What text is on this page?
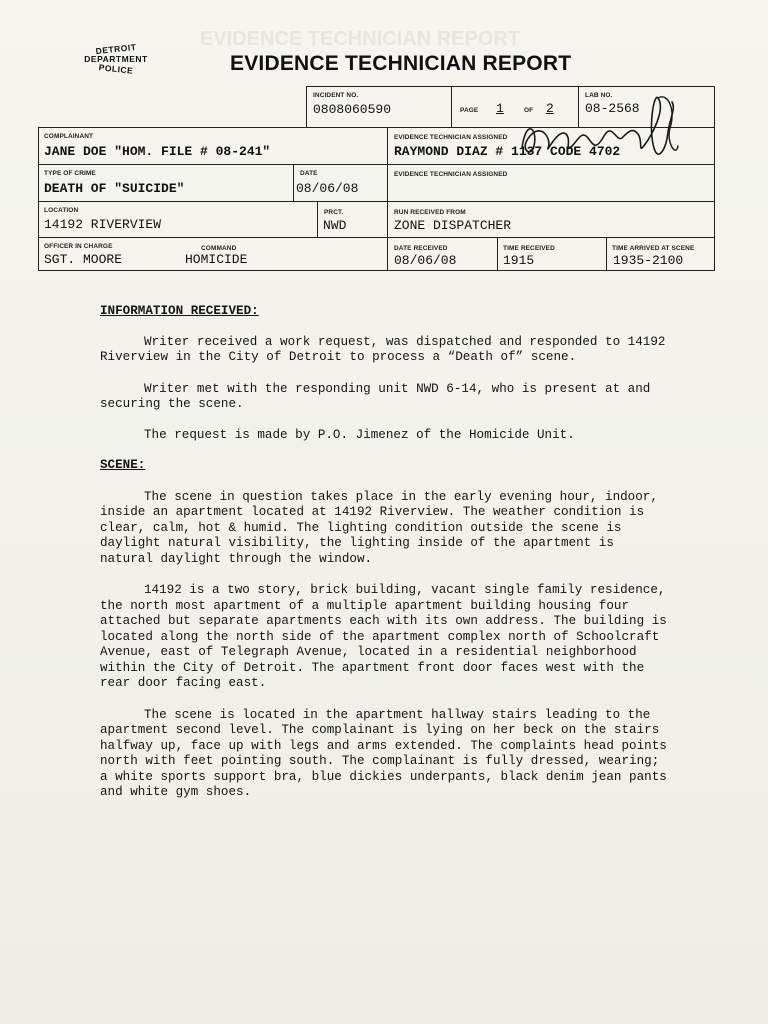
EVIDENCE TECHNICIAN REPORT
DETROIT
DEPARTMENT
POLICE	EVIDENCE TECHNICIAN REPORT
INCIDENT NO.
0808060590	PAGE 1	OF 2
LAB NO.
08-2568
COMPLAINANT
JANE DOE "HOM. FILE # 08-241"
EVIDENCE TECHNICIAN ASSIGNED
RAYMOND DIAZ # 1137 CODE 4702
TYPE OF CRIME
DEATH OF "SUICIDE"
DATE
08/06/08
EVIDENCE TECHNICIAN ASSIGNED
LOCATION
14192 RIVERVIEW
PRCT.
NWD
RUN RECEIVED FROM
ZONE DISPATCHER
OFFICER IN CHARGE
SGT. MOORE
COMMAND
HOMICIDE
DATE RECEIVED
08/06/08
TIME RECEIVED
1915
TIME ARRIVED AT SCENE
1935-2100

INFORMATION RECEIVED:

Writer received a work request, was dispatched and responded to 14192 Riverview in the City of Detroit to process a “Death of” scene.

Writer met with the responding unit NWD 6-14, who is present at and securing the scene.

The request is made by P.O. Jimenez of the Homicide Unit.

SCENE:

The scene in question takes place in the early evening hour, indoor, inside an apartment located at 14192 Riverview. The weather condition is clear, calm, hot & humid. The lighting condition outside the scene is daylight natural visibility, the lighting inside of the apartment is natural daylight through the window.

14192 is a two story, brick building, vacant single family residence, the north most apartment of a multiple apartment building housing four attached but separate apartments each with its own address. The building is located along the north side of the apartment complex north of Schoolcraft Avenue, east of Telegraph Avenue, located in a residential neighborhood within the City of Detroit. The apartment front door faces west with the rear door facing east.

The scene is located in the apartment hallway stairs leading to the apartment second level. The complainant is lying on her beck on the stairs halfway up, face up with legs and arms extended. The complaints head points north with feet pointing south. The complainant is fully dressed, wearing; a white sports support bra, blue dickies underpants, black denim jean pants and white gym shoes.
